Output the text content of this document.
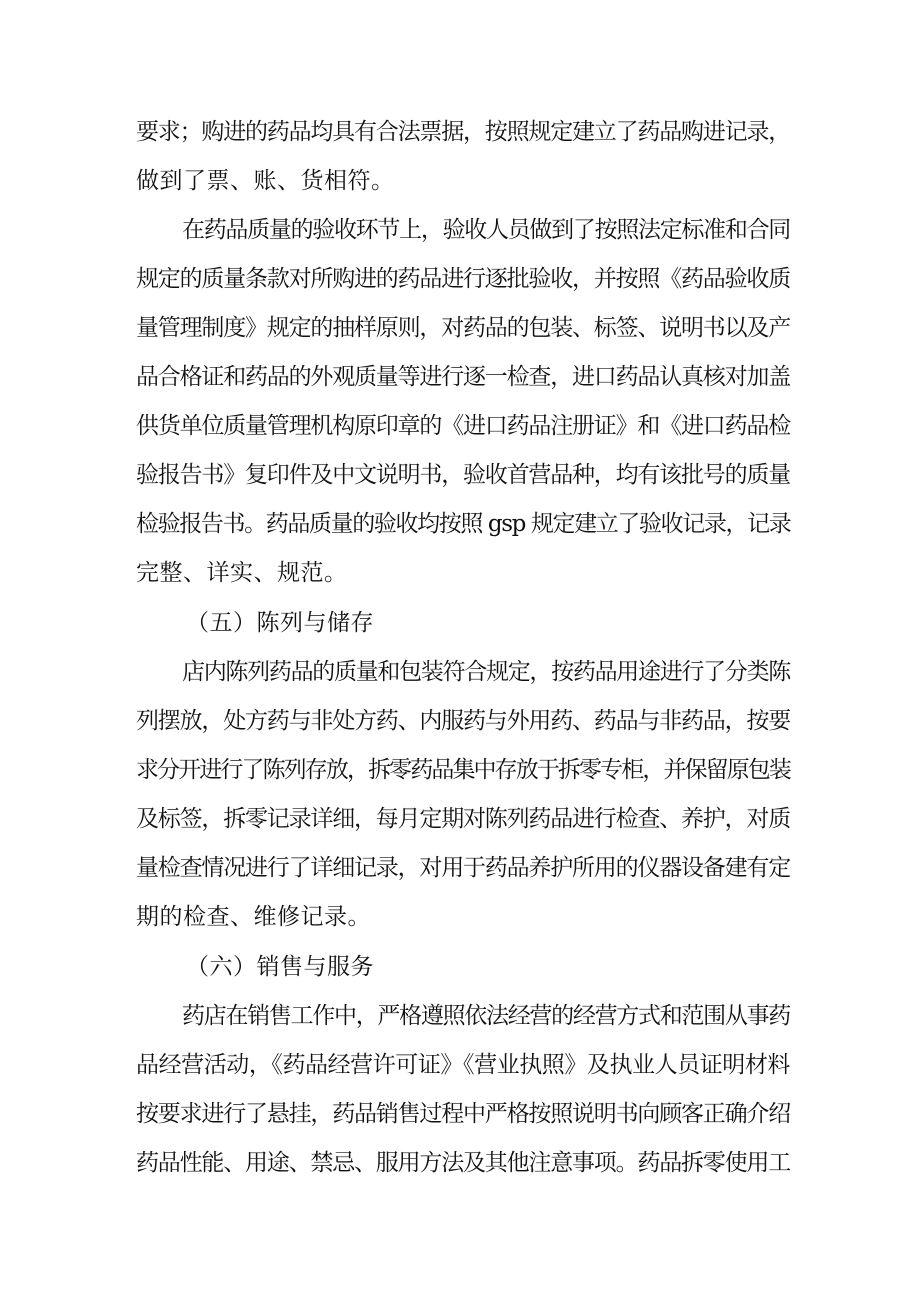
要求；购进的药品均具有合法票据，按照规定建立了药品购进记录，
做到了票、账、货相符。
在药品质量的验收环节上，验收人员做到了按照法定标准和合同
规定的质量条款对所购进的药品进行逐批验收，并按照《药品验收质
量管理制度》规定的抽样原则，对药品的包装、标签、说明书以及产
品合格证和药品的外观质量等进行逐一检查，进口药品认真核对加盖
供货单位质量管理机构原印章的《进口药品注册证》和《进口药品检
验报告书》复印件及中文说明书，验收首营品种，均有该批号的质量
检验报告书。药品质量的验收均按照 gsp 规定建立了验收记录，记录
完整、详实、规范。
（五）陈列与储存
店内陈列药品的质量和包装符合规定，按药品用途进行了分类陈
列摆放，处方药与非处方药、内服药与外用药、药品与非药品，按要
求分开进行了陈列存放，拆零药品集中存放于拆零专柜，并保留原包装
及标签，拆零记录详细，每月定期对陈列药品进行检查、养护，对质
量检查情况进行了详细记录，对用于药品养护所用的仪器设备建有定
期的检查、维修记录。
（六）销售与服务
药店在销售工作中，严格遵照依法经营的经营方式和范围从事药
品经营活动，《药品经营许可证》《营业执照》及执业人员证明材料
按要求进行了悬挂，药品销售过程中严格按照说明书向顾客正确介绍
药品性能、用途、禁忌、服用方法及其他注意事项。药品拆零使用工
